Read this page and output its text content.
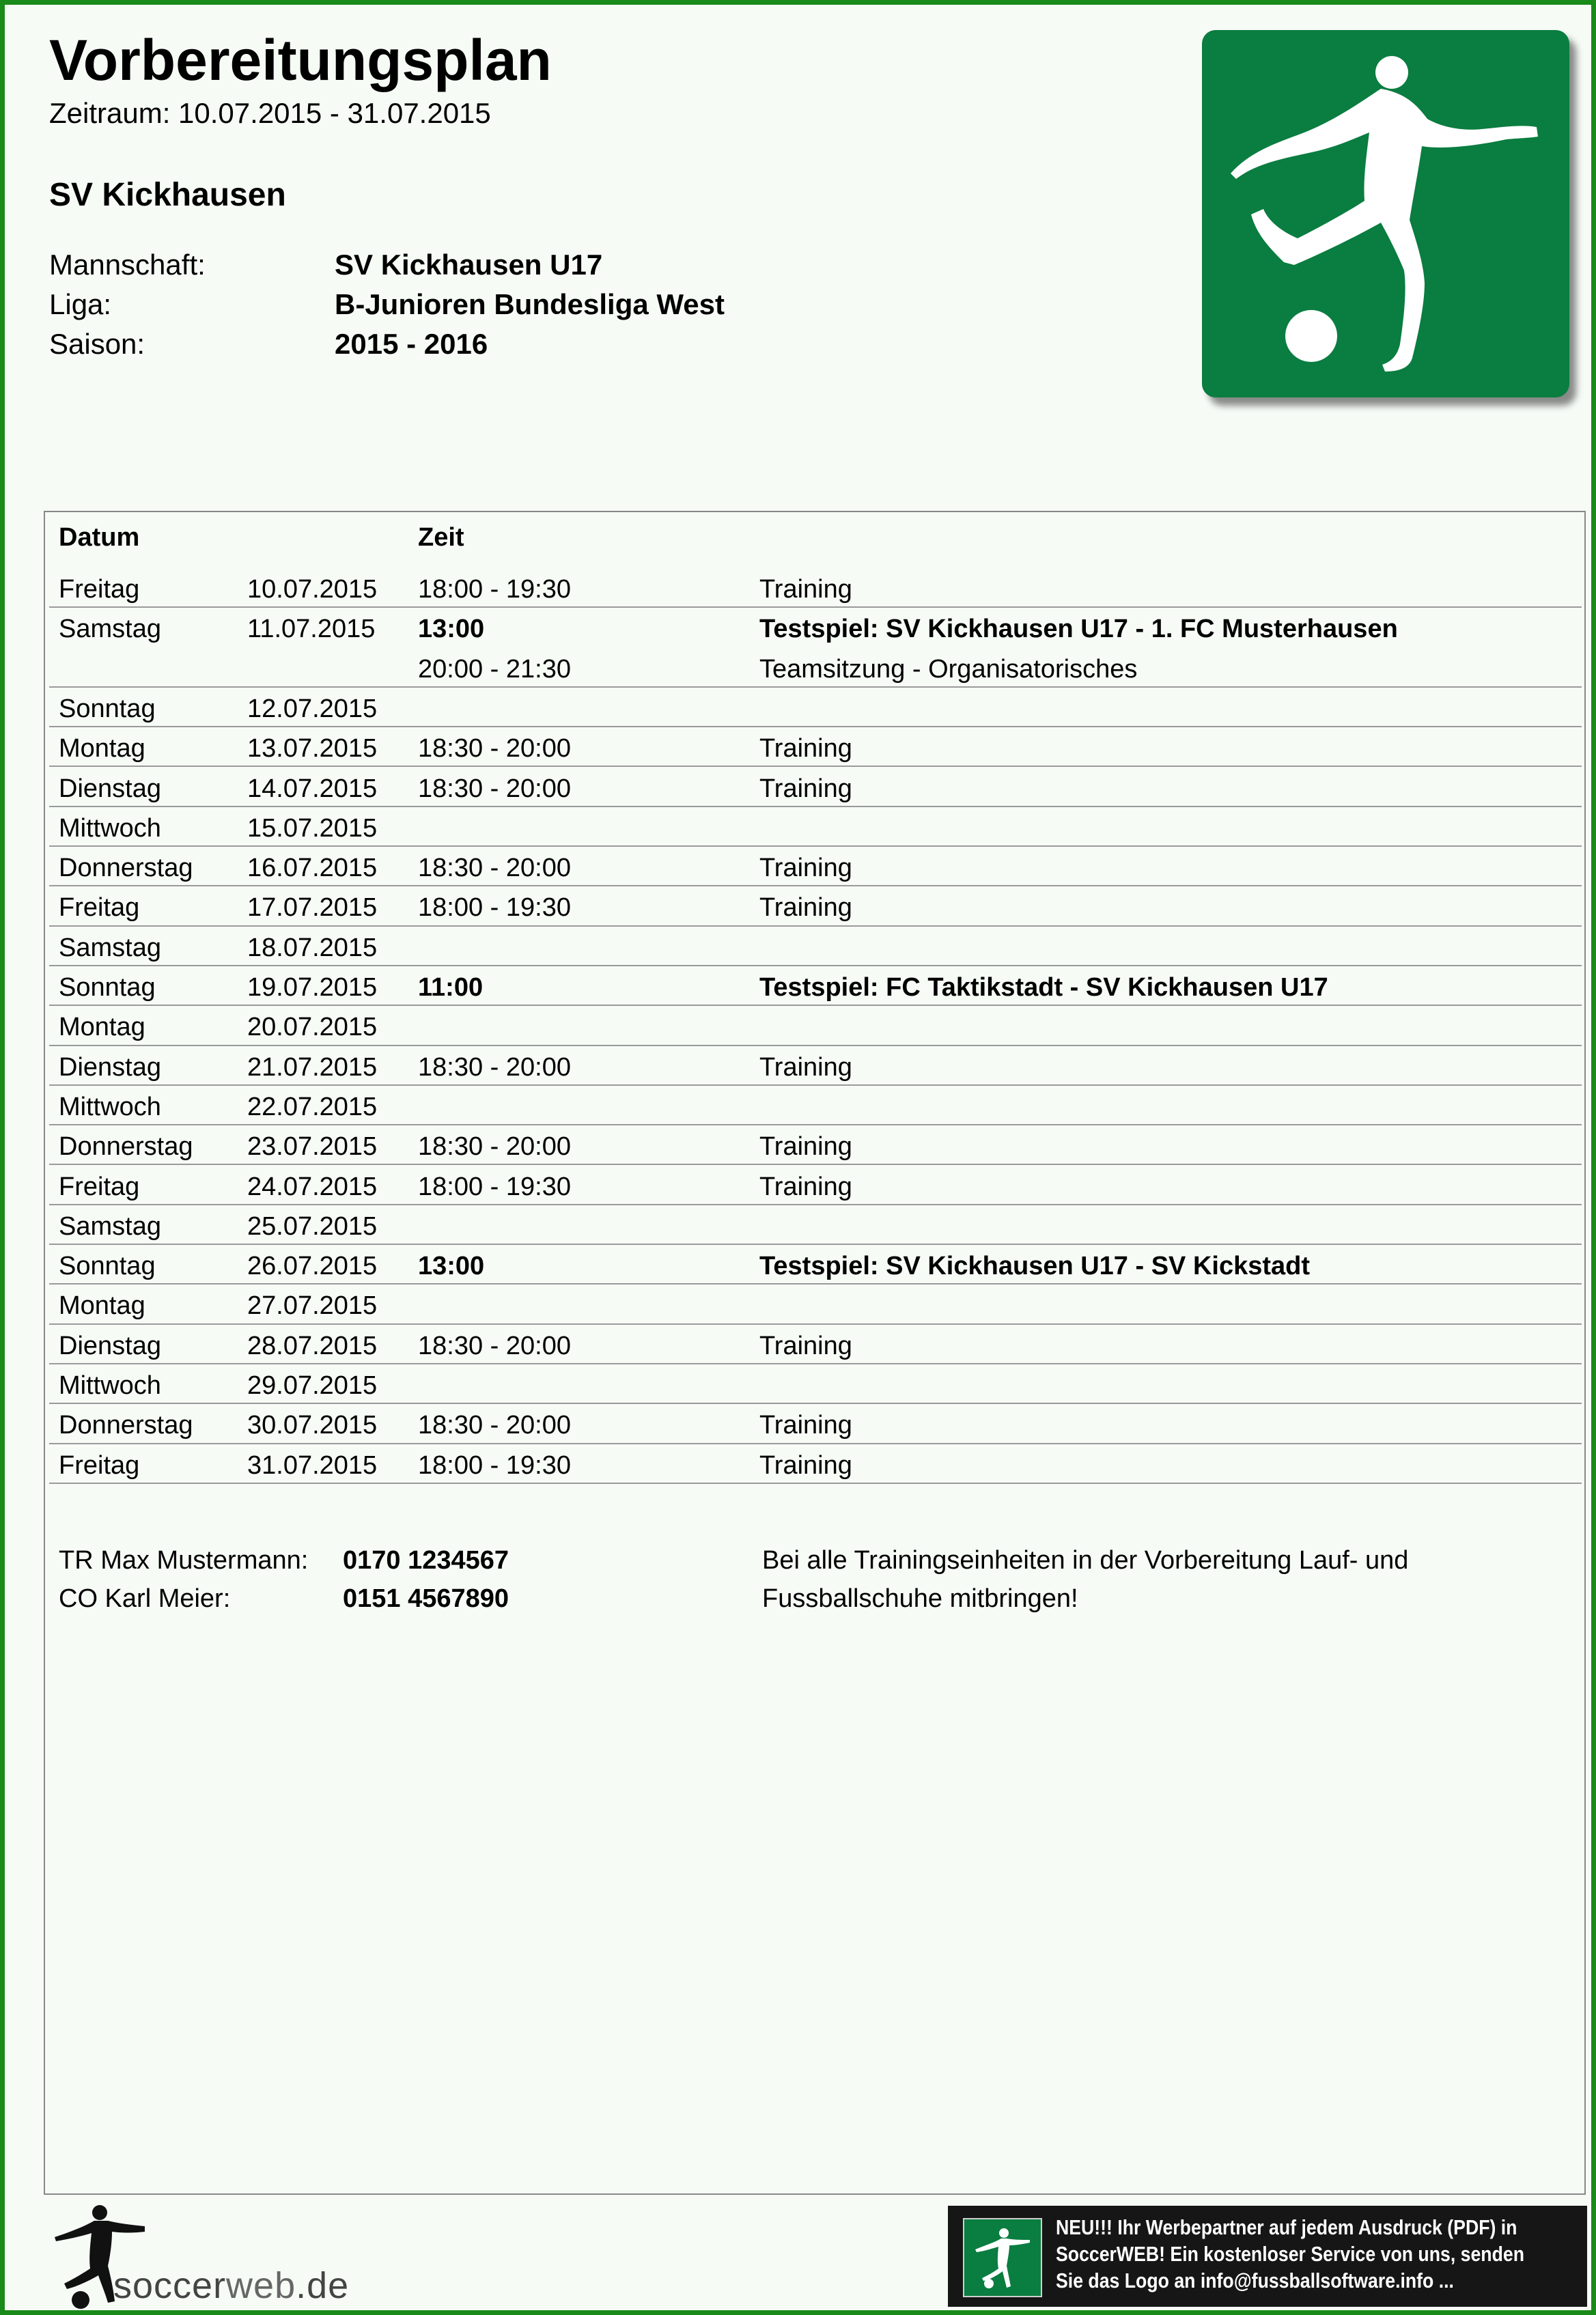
Vorbereitungsplan
Zeitraum: 10.07.2015 - 31.07.2015
SV Kickhausen
Mannschaft:	SV Kickhausen U17
Liga:	B-Junioren Bundesliga West
Saison:	2015 - 2016
Datum	Zeit
Freitag	10.07.2015 18:00 - 19:30	Training
Samstag	11.07.2015 13:00	Testspiel: SV Kickhausen U17 - 1. FC Musterhausen
20:00 - 21:30	Teamsitzung - Organisatorisches
Sonntag	12.07.2015
Montag	13.07.2015 18:30 - 20:00	Training
Dienstag	14.07.2015 18:30 - 20:00	Training
Mittwoch	15.07.2015
Donnerstag 16.07.2015 18:30 - 20:00	Training
Freitag	17.07.2015 18:00 - 19:30	Training
Samstag	18.07.2015
Sonntag	19.07.2015 11:00	Testspiel: FC Taktikstadt - SV Kickhausen U17
Montag	20.07.2015
Dienstag	21.07.2015 18:30 - 20:00	Training
Mittwoch	22.07.2015
Donnerstag 23.07.2015 18:30 - 20:00	Training
Freitag	24.07.2015 18:00 - 19:30	Training
Samstag	25.07.2015
Sonntag	26.07.2015 13:00	Testspiel: SV Kickhausen U17 - SV Kickstadt
Montag	27.07.2015
Dienstag	28.07.2015 18:30 - 20:00	Training
Mittwoch	29.07.2015
Donnerstag 30.07.2015 18:30 - 20:00	Training
Freitag	31.07.2015 18:00 - 19:30	Training
TR Max Mustermann: 0170 1234567
CO Karl Meier:	0151 4567890
Bei alle Trainingseinheiten in der Vorbereitung Lauf- und
Fussballschuhe mitbringen!
soccerweb.de
NEU!!! Ihr Werbepartner auf jedem Ausdruck (PDF) in
SoccerWEB! Ein kostenloser Service von uns, senden
Sie das Logo an info@fussballsoftware.info ...
